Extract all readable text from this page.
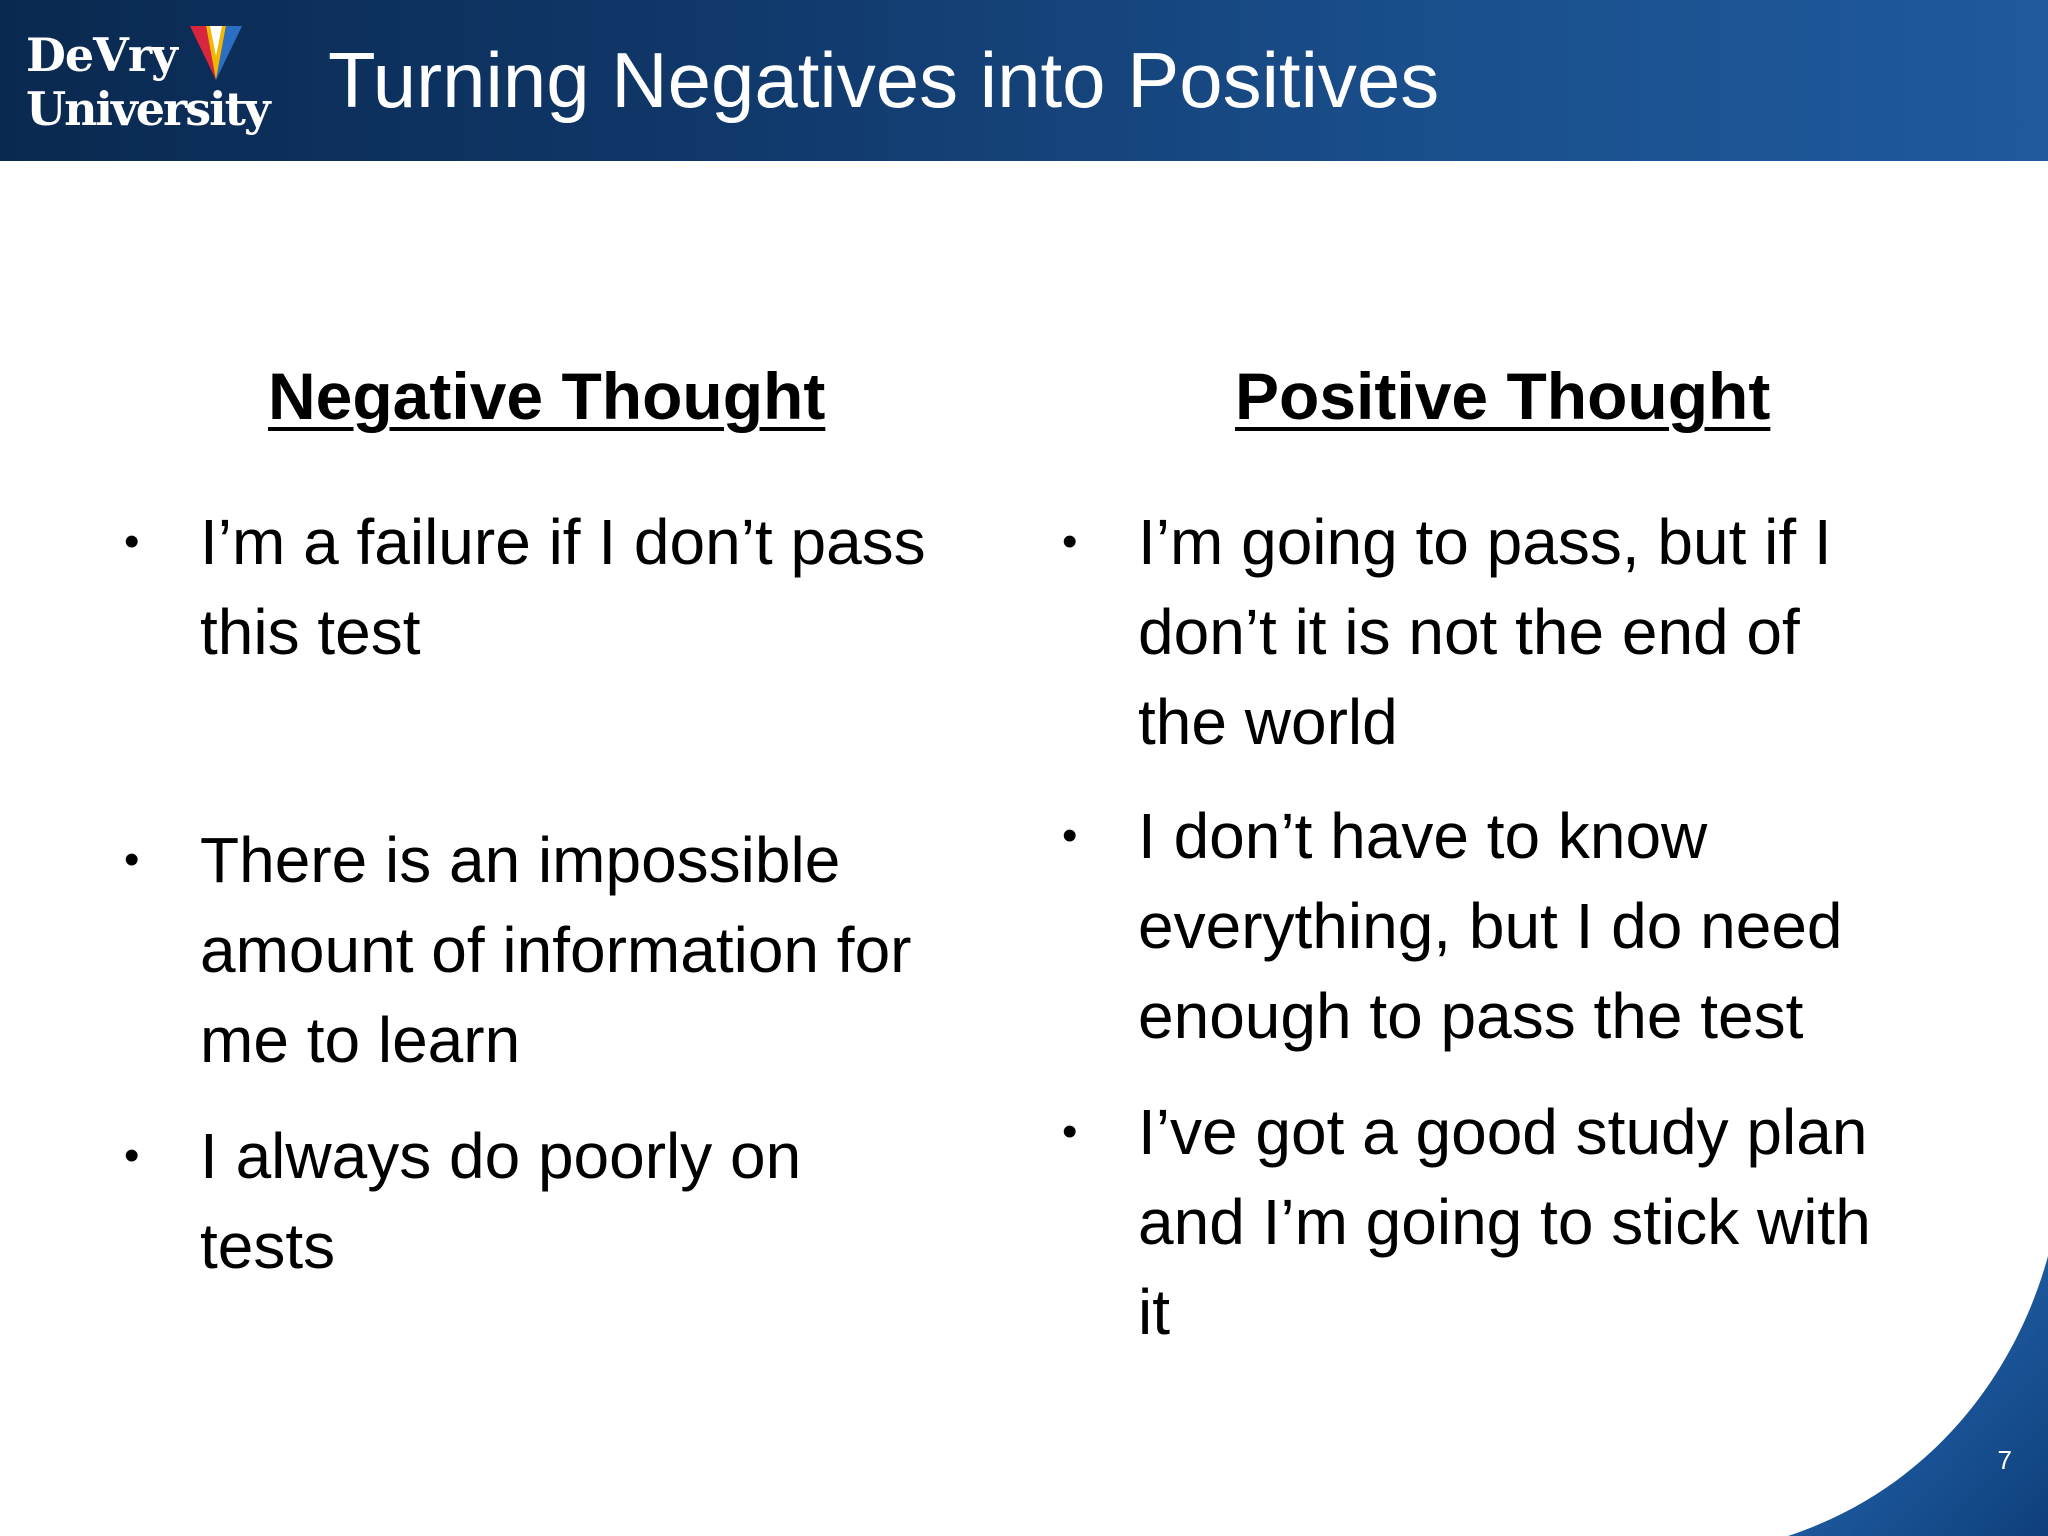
DeVry
University Turning Negatives into Positives
Negative Thought	Positive Thought
• I’m a failure if I don’t pass
this test
• There is an impossible
amount of information for
me to learn
• I always do poorly on
tests
• I’m going to pass, but if I
don’t it is not the end of
the world
• I don’t have to know
everything, but I do need
enough to pass the test
• I’ve got a good study plan
and I’m going to stick with
it
7
